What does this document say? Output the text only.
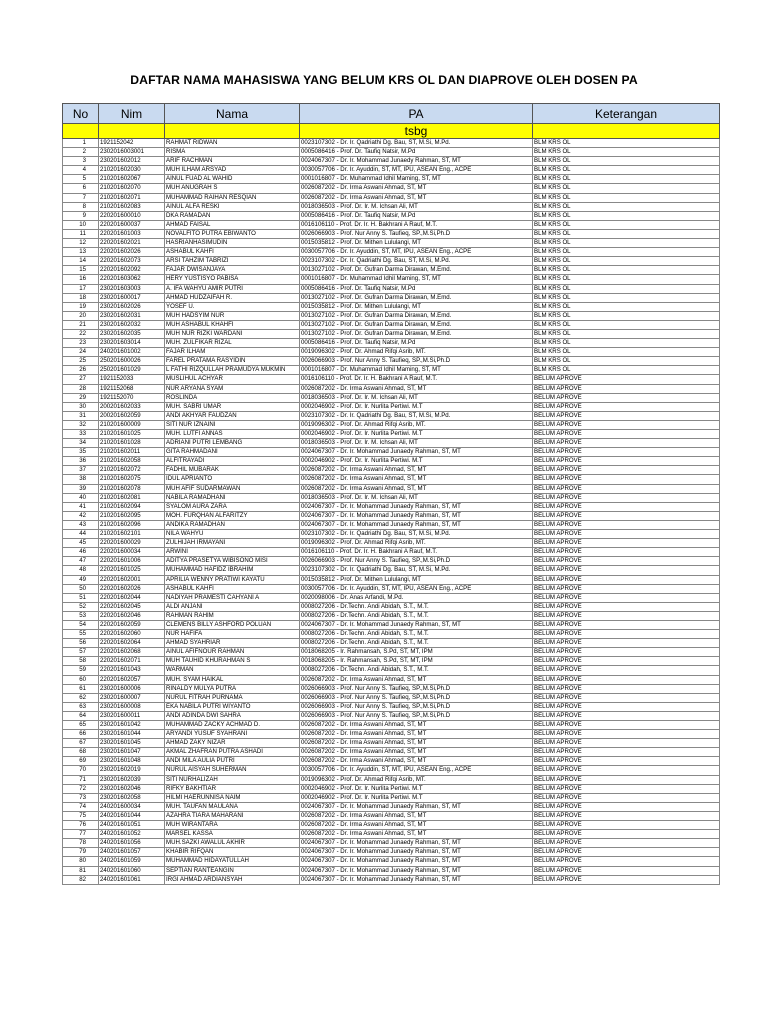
DAFTAR NAMA MAHASISWA YANG BELUM KRS OL DAN DIAPROVE OLEH DOSEN PA
No	Nim	Nama	PA	Keterangan
			tsbg	
1	1921152042	RAHMAT RIDWAN	0023107302 - Dr. Ir. Qadriathi Dg. Bau, ST, M.Si, M.Pd.	BLM KRS OL
2	2302016003001	RISMA	0005086416 - Prof. Dr. Taufiq Natsir, M.Pd	BLM KRS OL
3	230201602012	ARIF RACHMAN	0024067307 - Dr. Ir. Mohammad Junaedy Rahman, ST, MT	BLM KRS OL
4	210201602030	MUH ILHAM ARSYAD	0030057706 - Dr. Ir. Ayuddin, ST, MT, IPU, ASEAN Eng., ACPE	BLM KRS OL
5	210201602067	AINUL FUAD AL WAHID	0001016807 - Dr. Muhammad Idhil Maming, ST, MT	BLM KRS OL
6	210201602070	MUH ANUGRAH S	0026087202 - Dr. Irma Aswani Ahmad, ST, MT	BLM KRS OL
7	210201602071	MUHAMMAD RAIHAN RESQIAN	0026087202 - Dr. Irma Aswani Ahmad, ST, MT	BLM KRS OL
8	210201602083	AINUL ALFA RESKI	0018036503 - Prof. Dr. Ir. M. Ichsan Ali, MT	BLM KRS OL
9	220201600010	DKA RAMADAN	0005086416 - Prof. Dr. Taufiq Natsir, M.Pd	BLM KRS OL
10	220201600037	AHMAD FAISAL	0016106110 - Prof. Dr. Ir. H. Bakhrani A Rauf, M.T.	BLM KRS OL
11	220201601003	NOVALFITO PUTRA EBIWANTO	0026066903 - Prof. Nur Anny S. Taufieq, SP.,M.Si,Ph.D	BLM KRS OL
12	220201602021	HASRIANHASIMUDIN	0015035812 - Prof. Dr. Mithen Lululangi, MT	BLM KRS OL
13	220201602026	ASHABUL KAHFI	0030057706 - Dr. Ir. Ayuddin, ST, MT, IPU, ASEAN Eng., ACPE	BLM KRS OL
14	220201602073	ARSI TAHZIM TABRIZI	0023107302 - Dr. Ir. Qadriathi Dg. Bau, ST, M.Si, M.Pd.	BLM KRS OL
15	220201602092	FAJAR DWISANJAYA	0013027102 - Prof. Dr. Gufran Darma Dirawan, M.Emd.	BLM KRS OL
16	220201603062	HERY YUSTISYO PABISA	0001016807 - Dr. Muhammad Idhil Maming, ST, MT	BLM KRS OL
17	230201603003	A. IFA WAHYU AMIR PUTRI	0005086416 - Prof. Dr. Taufiq Natsir, M.Pd	BLM KRS OL
18	230201600017	AHMAD HUDZAIFAH R.	0013027102 - Prof. Dr. Gufran Darma Dirawan, M.Emd.	BLM KRS OL
19	230201602026	YOSEF U.	0015035812 - Prof. Dr. Mithen Lululangi, MT	BLM KRS OL
20	230201602031	MUH HADSYIM NUR	0013027102 - Prof. Dr. Gufran Darma Dirawan, M.Emd.	BLM KRS OL
21	230201602032	MUH ASHABUL KHAHFI	0013027102 - Prof. Dr. Gufran Darma Dirawan, M.Emd.	BLM KRS OL
22	230201602035	MUH NUR RIZKI WARDANI	0013027102 - Prof. Dr. Gufran Darma Dirawan, M.Emd.	BLM KRS OL
23	230201603014	MUH. ZULFIKAR RIZAL	0005086416 - Prof. Dr. Taufiq Natsir, M.Pd	BLM KRS OL
24	240201601002	FAJAR ILHAM	0019096302 - Prof. Dr. Ahmad Rifqi Asrib, MT.	BLM KRS OL
25	250201600026	FAREL PRATAMA RASYIDIN	0026066903 - Prof. Nur Anny S. Taufieq, SP.,M.Si,Ph.D	BLM KRS OL
26	250201601029	L FATHI RIZQULLAH PRAMUDYA MUKMIN	0001016807 - Dr. Muhammad Idhil Maming, ST, MT	BLM KRS OL
27	1921152033	MUSLIHUL ACHYAR	0016106110 - Prof. Dr. Ir. H. Bakhrani A Rauf, M.T.	BELUM APROVE
28	1921152068	NUR ARYANA SYAM	0026087202 - Dr. Irma Aswani Ahmad, ST, MT	BELUM APROVE
29	1921152070	ROSLINDA	0018036503 - Prof. Dr. Ir. M. Ichsan Ali, MT	BELUM APROVE
30	200201602033	MUH. SABRI UMAR	0002046902 - Prof. Dr. Ir. Nurlita Pertiwi. M.T	BELUM APROVE
31	200201602059	ANDI AKHYAR FAUDZAN	0023107302 - Dr. Ir. Qadriathi Dg. Bau, ST, M.Si, M.Pd.	BELUM APROVE
32	210201600009	SITI NUR IZNAINI	0019096302 - Prof. Dr. Ahmad Rifqi Asrib, MT.	BELUM APROVE
33	210201601025	MUH. LUTFI ANNAS	0002046902 - Prof. Dr. Ir. Nurlita Pertiwi. M.T	BELUM APROVE
34	210201601028	ADRIANI PUTRI LEMBANG	0018036503 - Prof. Dr. Ir. M. Ichsan Ali, MT	BELUM APROVE
35	210201602011	GITA RAHMADANI	0024067307 - Dr. Ir. Mohammad Junaedy Rahman, ST, MT	BELUM APROVE
36	210201602058	ALFITRAYADI	0002046902 - Prof. Dr. Ir. Nurlita Pertiwi. M.T	BELUM APROVE
37	210201602072	FADHIL MUBARAK	0026087202 - Dr. Irma Aswani Ahmad, ST, MT	BELUM APROVE
38	210201602075	IDUL APRIANTO	0026087202 - Dr. Irma Aswani Ahmad, ST, MT	BELUM APROVE
39	210201602078	MUH AFIF SUDARMAWAN	0026087202 - Dr. Irma Aswani Ahmad, ST, MT	BELUM APROVE
40	210201602081	NABILA RAMADHANI	0018036503 - Prof. Dr. Ir. M. Ichsan Ali, MT	BELUM APROVE
41	210201602094	SYALOM AURA ZARA	0024067307 - Dr. Ir. Mohammad Junaedy Rahman, ST, MT	BELUM APROVE
42	210201602095	MOH. FURQHAN ALFARITZY	0024067307 - Dr. Ir. Mohammad Junaedy Rahman, ST, MT	BELUM APROVE
43	210201602096	ANDIKA RAMADHAN	0024067307 - Dr. Ir. Mohammad Junaedy Rahman, ST, MT	BELUM APROVE
44	210201602101	NILA WAHYU	0023107302 - Dr. Ir. Qadriathi Dg. Bau, ST, M.Si, M.Pd.	BELUM APROVE
45	220201600029	ZULHIJAH IRMAYANI	0019096302 - Prof. Dr. Ahmad Rifqi Asrib, MT.	BELUM APROVE
46	220201600034	ARWINI	0016106110 - Prof. Dr. Ir. H. Bakhrani A Rauf, M.T.	BELUM APROVE
47	220201601006	ADITYA PRASETYA WIBISONO MISI	0026066903 - Prof. Nur Anny S. Taufieq, SP.,M.Si,Ph.D	BELUM APROVE
48	220201601025	MUHAMMAD HAFIDZ IBRAHIM	0023107302 - Dr. Ir. Qadriathi Dg. Bau, ST, M.Si, M.Pd.	BELUM APROVE
49	220201602001	APRILIA WENNY PRATIWI KAYATU	0015035812 - Prof. Dr. Mithen Lululangi, MT	BELUM APROVE
50	220201602026	ASHABUL KAHFI	0030057706 - Dr. Ir. Ayuddin, ST, MT, IPU, ASEAN Eng., ACPE	BELUM APROVE
51	220201602044	NADIYAH PRAMESTI CAHYANI A	0020098006 - Dr. Anas Arfandi, M.Pd.	BELUM APROVE
52	220201602045	ALDI ANJANI	0008027206 - Dr.Techn. Andi Abidah, S.T., M.T.	BELUM APROVE
53	220201602046	RAHMAN RAHIM	0008027206 - Dr.Techn. Andi Abidah, S.T., M.T.	BELUM APROVE
54	220201602059	CLEMENS BILLY ASHFORD POLUAN	0024067307 - Dr. Ir. Mohammad Junaedy Rahman, ST, MT	BELUM APROVE
55	220201602060	NUR HAFIFA	0008027206 - Dr.Techn. Andi Abidah, S.T., M.T.	BELUM APROVE
56	220201602064	AHMAD SYAHRIAR	0008027206 - Dr.Techn. Andi Abidah, S.T., M.T.	BELUM APROVE
57	220201602068	AINUL AFIFNOUR RAHMAN	0018068205 - Ir. Rahmansah, S.Pd, ST, MT, IPM	BELUM APROVE
58	220201602071	MUH TAUHID KHURAHMAN S	0018068205 - Ir. Rahmansah, S.Pd, ST, MT, IPM	BELUM APROVE
59	220201601043	WARMAN	0008027206 - Dr.Techn. Andi Abidah, S.T., M.T.	BELUM APROVE
60	220201602057	MUH. SYAM HAIKAL	0026087202 - Dr. Irma Aswani Ahmad, ST, MT	BELUM APROVE
61	230201600006	RINALDY MULYA PUTRA	0026066903 - Prof. Nur Anny S. Taufieq, SP.,M.Si,Ph.D	BELUM APROVE
62	230201600007	NURUL FITRAH PURNAMA	0026066903 - Prof. Nur Anny S. Taufieq, SP.,M.Si,Ph.D	BELUM APROVE
63	230201600008	EKA NABILA PUTRI WIYANTO	0026066903 - Prof. Nur Anny S. Taufieq, SP.,M.Si,Ph.D	BELUM APROVE
64	230201600011	ANDI ADINDA DWI SAHRA	0026066903 - Prof. Nur Anny S. Taufieq, SP.,M.Si,Ph.D	BELUM APROVE
65	230201601042	MUHAMMAD ZACKY ACHMAD D.	0026087202 - Dr. Irma Aswani Ahmad, ST, MT	BELUM APROVE
66	230201601044	ARYANDI YUSUF SYAHRANI	0026087202 - Dr. Irma Aswani Ahmad, ST, MT	BELUM APROVE
67	230201601045	AHMAD ZAKY NIZAR	0026087202 - Dr. Irma Aswani Ahmad, ST, MT	BELUM APROVE
68	230201601047	AKMAL ZHAFRAN PUTRA ASHADI	0026087202 - Dr. Irma Aswani Ahmad, ST, MT	BELUM APROVE
69	230201601048	ANDI MILA AULIA PUTRI	0026087202 - Dr. Irma Aswani Ahmad, ST, MT	BELUM APROVE
70	230201602019	NURUL AISYAH SUHERMAN	0030057706 - Dr. Ir. Ayuddin, ST, MT, IPU, ASEAN Eng., ACPE	BELUM APROVE
71	230201602039	SITI NURHALIZAH	0019096302 - Prof. Dr. Ahmad Rifqi Asrib, MT.	BELUM APROVE
72	230201602046	RIFKY BAKHTIAR	0002046902 - Prof. Dr. Ir. Nurlita Pertiwi. M.T	BELUM APROVE
73	230201602058	HILMI HAERUNNISA NAIM	0002046902 - Prof. Dr. Ir. Nurlita Pertiwi. M.T	BELUM APROVE
74	240201600034	MUH. TAUFAN MAULANA	0024067307 - Dr. Ir. Mohammad Junaedy Rahman, ST, MT	BELUM APROVE
75	240201601044	AZAHRA TIARA MAHARANI	0026087202 - Dr. Irma Aswani Ahmad, ST, MT	BELUM APROVE
76	240201601051	MUH WIRANTARA	0026087202 - Dr. Irma Aswani Ahmad, ST, MT	BELUM APROVE
77	240201601052	MARSEL KASSA	0026087202 - Dr. Irma Aswani Ahmad, ST, MT	BELUM APROVE
78	240201601056	MUH.SAZKI AWALUL AKHIR	0024067307 - Dr. Ir. Mohammad Junaedy Rahman, ST, MT	BELUM APROVE
79	240201601057	KHABIR RIFQAN	0024067307 - Dr. Ir. Mohammad Junaedy Rahman, ST, MT	BELUM APROVE
80	240201601059	MUHAMMAD HIDAYATULLAH	0024067307 - Dr. Ir. Mohammad Junaedy Rahman, ST, MT	BELUM APROVE
81	240201601060	SEPTIAN RANTEANGIN	0024067307 - Dr. Ir. Mohammad Junaedy Rahman, ST, MT	BELUM APROVE
82	240201601061	IRGI AHMAD ARDIANSYAH	0024067307 - Dr. Ir. Mohammad Junaedy Rahman, ST, MT	BELUM APROVE
